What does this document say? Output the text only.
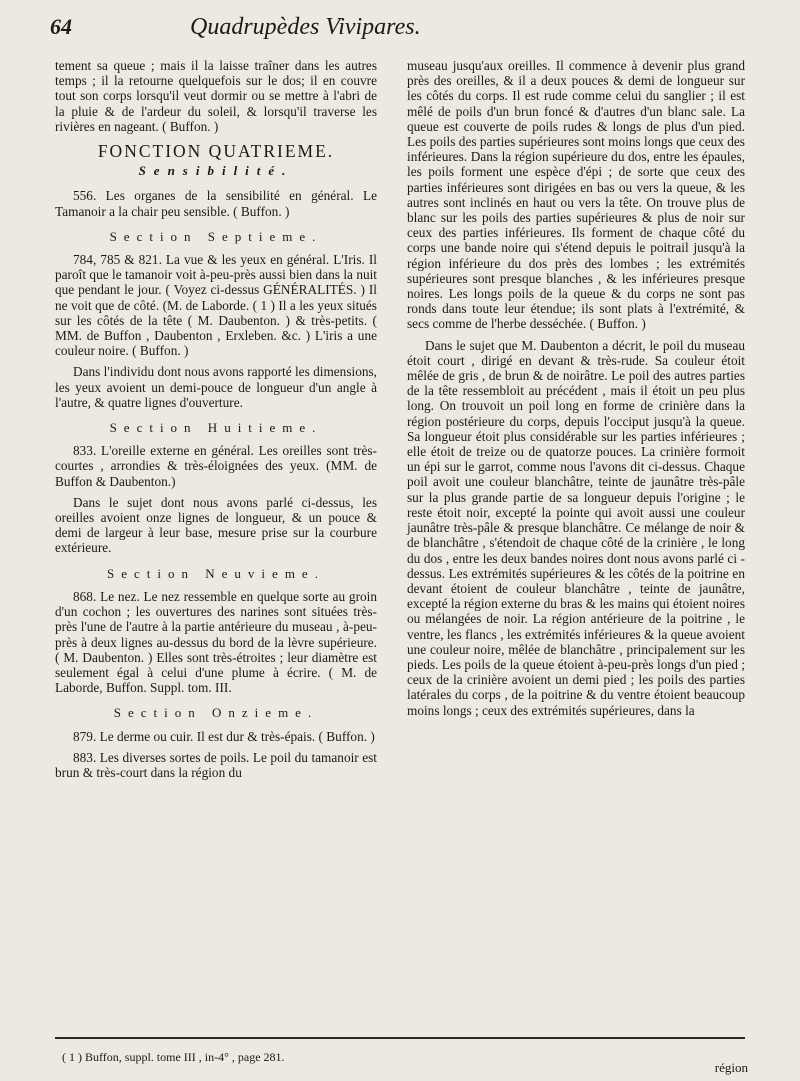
64	Quadrupèdes Vivipares.

tement sa queue ; mais il la laisse traîner dans les autres temps ; il la retourne quelquefois sur le dos; il en couvre tout son corps lorsqu'il veut dormir ou se mettre à l'abri de la pluie & de l'ardeur du soleil, & lorsqu'il traverse les rivières en nageant. ( Buffon. )

FONCTION QUATRIEME.
Sensibilité.

556. Les organes de la sensibilité en général. Le Tamanoir a la chair peu sensible. ( Buffon. )

Section Septieme.

784, 785 & 821. La vue & les yeux en général. L'Iris. Il paroît que le tamanoir voit à-peu-près aussi bien dans la nuit que pendant le jour. ( Voyez ci-dessus GÉNÉRALITÉS. ) Il ne voit que de côté. (M. de Laborde. ( 1 ) Il a les yeux situés sur les côtés de la tête ( M. Daubenton. ) & très-petits. ( MM. de Buffon , Daubenton , Erxleben. &c. ) L'iris a une couleur noire. ( Buffon. )

Dans l'individu dont nous avons rapporté les dimensions, les yeux avoient un demi-pouce de longueur d'un angle à l'autre, & quatre lignes d'ouverture.

Section Huitieme.

833. L'oreille externe en général. Les oreilles sont très-courtes , arrondies & très-éloignées des yeux. (MM. de Buffon & Daubenton.)

Dans le sujet dont nous avons parlé ci-dessus, les oreilles avoient onze lignes de longueur, & un pouce & demi de largeur à leur base, mesure prise sur la courbure extérieure.

Section Neuvieme.

868. Le nez. Le nez ressemble en quelque sorte au groin d'un cochon ; les ouvertures des narines sont situées très-près l'une de l'autre à la partie antérieure du museau , à-peu-près à deux lignes au-dessus du bord de la lèvre supérieure. ( M. Daubenton. ) Elles sont très-étroites ; leur diamètre est seulement égal à celui d'une plume à écrire. ( M. de Laborde, Buffon. Suppl. tom. III.

Section Onzieme.

879. Le derme ou cuir. Il est dur & très-épais. ( Buffon. )

883. Les diverses sortes de poils. Le poil du tamanoir est brun & très-court dans la région du

museau jusqu'aux oreilles. Il commence à devenir plus grand près des oreilles, & il a deux pouces & demi de longueur sur les côtés du corps. Il est rude comme celui du sanglier ; il est mêlé de poils d'un brun foncé & d'autres d'un blanc sale. La queue est couverte de poils rudes & longs de plus d'un pied. Les poils des parties supérieures sont moins longs que ceux des inférieures. Dans la région supérieure du dos, entre les épaules, les poils forment une espèce d'épi ; de sorte que ceux des parties inférieures sont dirigées en bas ou vers la queue, & les autres sont inclinés en haut ou vers la tête. On trouve plus de blanc sur les poils des parties supérieures & plus de noir sur ceux des parties inférieures. Ils forment de chaque côté du corps une bande noire qui s'étend depuis le poitrail jusqu'à la région inférieure du dos près des lombes ; les extrémités supérieures sont presque blanches , & les inférieures presque noires. Les longs poils de la queue & du corps ne sont pas ronds dans toute leur étendue; ils sont plats à l'extrémité, & secs comme de l'herbe desséchée. ( Buffon. )

Dans le sujet que M. Daubenton a décrit, le poil du museau étoit court , dirigé en devant & très-rude. Sa couleur étoit mêlée de gris , de brun & de noirâtre. Le poil des autres parties de la tête ressembloit au précédent , mais il étoit un peu plus long. On trouvoit un poil long en forme de crinière dans la région postérieure du corps, depuis l'occiput jusqu'à la queue. Sa longueur étoit plus considérable sur les parties inférieures ; elle étoit de treize ou de quatorze pouces. La crinière formoit un épi sur le garrot, comme nous l'avons dit ci-dessus. Chaque poil avoit une couleur blanchâtre, teinte de jaunâtre très-pâle sur la plus grande partie de sa longueur depuis l'origine ; le reste étoit noir, excepté la pointe qui avoit aussi une couleur jaunâtre très-pâle & presque blanchâtre. Ce mélange de noir & de blanchâtre , s'étendoit de chaque côté de la crinière , le long du dos , entre les deux bandes noires dont nous avons parlé ci - dessus. Les extrémités supérieures & les côtés de la poitrine en devant étoient de couleur blanchâtre , teinte de jaunâtre, excepté la région externe du bras & les mains qui étoient noires ou mélangées de noir. La région antérieure de la poitrine , le ventre, les flancs , les extrémités inférieures & la queue avoient une couleur noire, mêlée de blanchâtre , principalement sur les pieds. Les poils de la queue étoient à-peu-près longs d'un pied ; ceux de la crinière avoient un demi pied ; les poils des parties latérales du corps , de la poitrine & du ventre étoient beaucoup moins longs ; ceux des extrémités supérieures, dans la

( 1 ) Buffon, suppl. tome III , in-4° , page 281.
région
